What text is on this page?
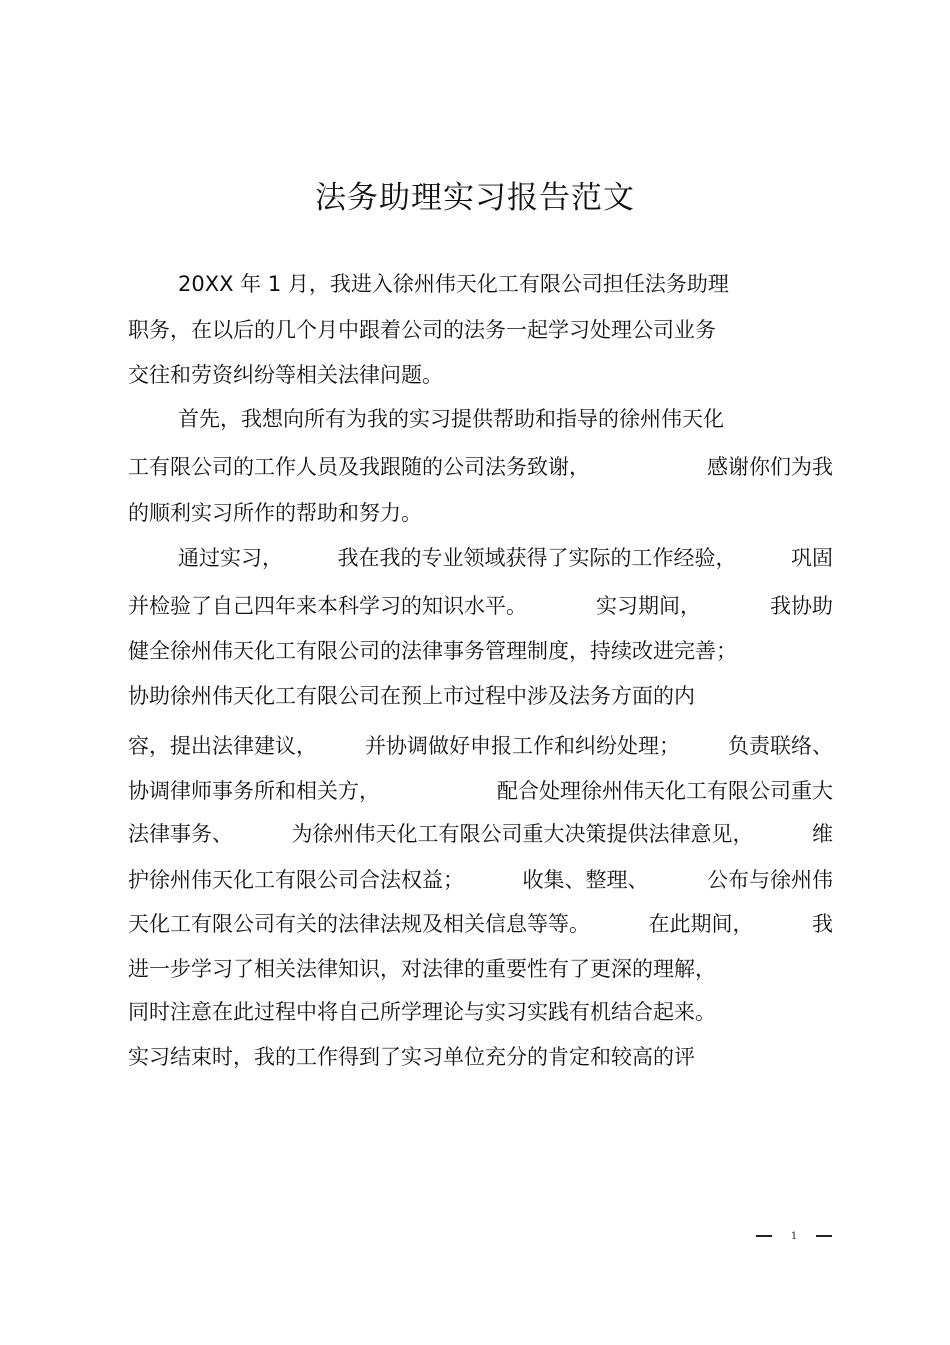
法务助理实习报告范文
20XX 年 1 月，我进入徐州伟天化工有限公司担任法务助理
职务，在以后的几个月中跟着公司的法务一起学习处理公司业务
交往和劳资纠纷等相关法律问题。
首先，我想向所有为我的实习提供帮助和指导的徐州伟天化
工有限公司的工作人员及我跟随的公司法务致谢，	感谢你们为我
的顺利实习所作的帮助和努力。
通过实习，	我在我的专业领域获得了实际的工作经验，	巩固
并检验了自己四年来本科学习的知识水平。	实习期间，	我协助
健全徐州伟天化工有限公司的法律事务管理制度，持续改进完善；
协助徐州伟天化工有限公司在预上市过程中涉及法务方面的内
容，提出法律建议， 并协调做好申报工作和纠纷处理； 负责联络、
协调律师事务所和相关方，	配合处理徐州伟天化工有限公司重大
法律事务、	为徐州伟天化工有限公司重大决策提供法律意见，	维
护徐州伟天化工有限公司合法权益；	收集、整理、	公布与徐州伟
天化工有限公司有关的法律法规及相关信息等等。	在此期间，	我
进一步学习了相关法律知识，对法律的重要性有了更深的理解，
同时注意在此过程中将自己所学理论与实习实践有机结合起来。
实习结束时，我的工作得到了实习单位充分的肯定和较高的评
1
